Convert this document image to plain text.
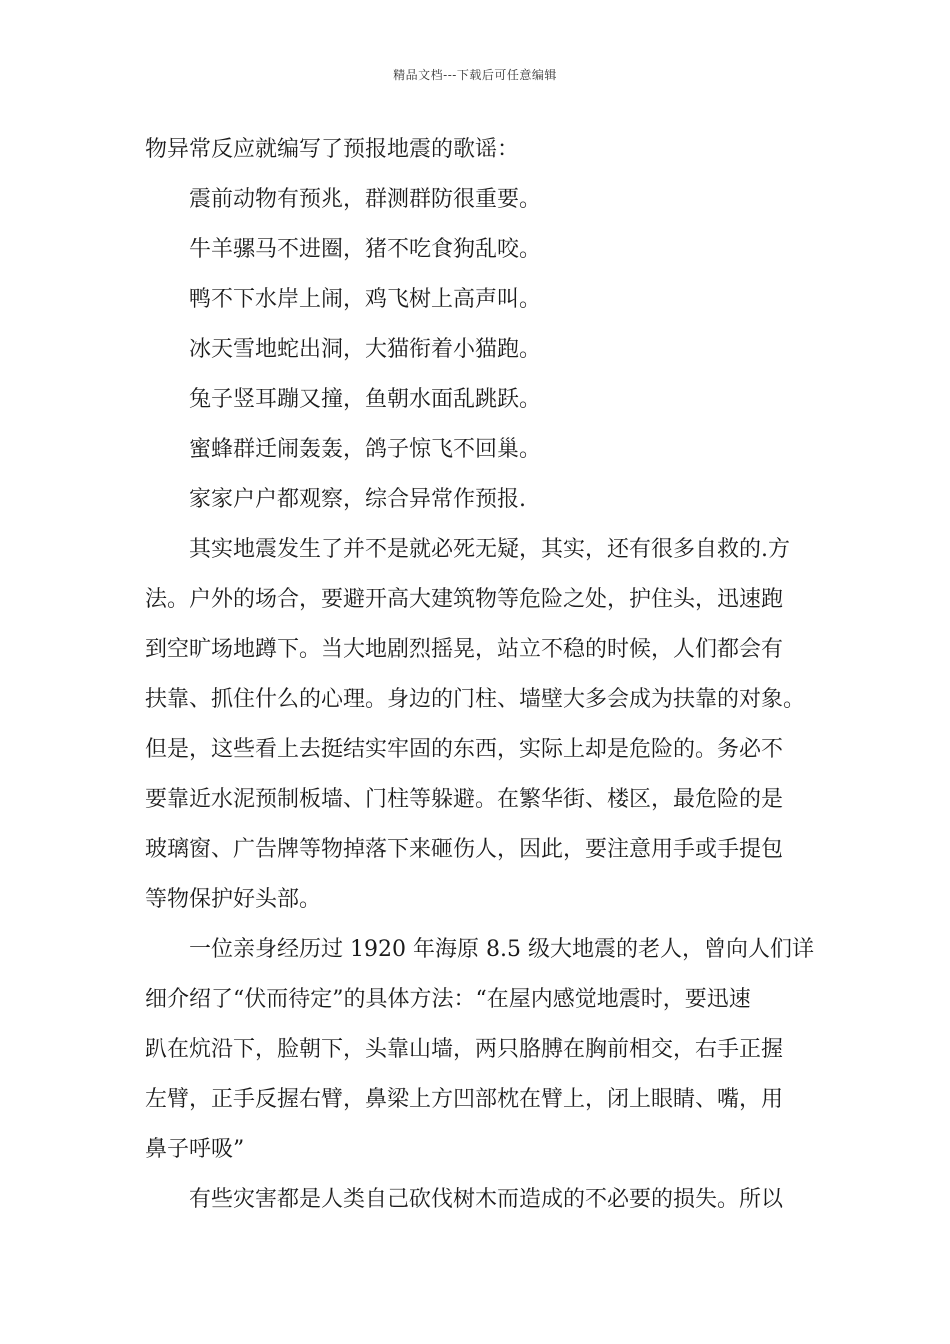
精品文档---下载后可任意编辑
物异常反应就编写了预报地震的歌谣：
震前动物有预兆，群测群防很重要。
牛羊骡马不进圈，猪不吃食狗乱咬。
鸭不下水岸上闹，鸡飞树上高声叫。
冰天雪地蛇出洞，大猫衔着小猫跑。
兔子竖耳蹦又撞，鱼朝水面乱跳跃。
蜜蜂群迁闹轰轰，鸽子惊飞不回巢。
家家户户都观察，综合异常作预报.
其实地震发生了并不是就必死无疑，其实，还有很多自救的.方
法。户外的场合，要避开高大建筑物等危险之处，护住头，迅速跑
到空旷场地蹲下。当大地剧烈摇晃，站立不稳的时候，人们都会有
扶靠、抓住什么的心理。身边的门柱、墙壁大多会成为扶靠的对象。
但是，这些看上去挺结实牢固的东西，实际上却是危险的。务必不
要靠近水泥预制板墙、门柱等躲避。在繁华街、楼区，最危险的是
玻璃窗、广告牌等物掉落下来砸伤人，因此，要注意用手或手提包
等物保护好头部。
一位亲身经历过 1920 年海原 8.5 级大地震的老人，曾向人们详
细介绍了“伏而待定”的具体方法：“在屋内感觉地震时，要迅速
趴在炕沿下，脸朝下，头靠山墙，两只胳膊在胸前相交，右手正握
左臂，正手反握右臂，鼻梁上方凹部枕在臂上，闭上眼睛、嘴，用
鼻子呼吸”
有些灾害都是人类自己砍伐树木而造成的不必要的损失。所以
